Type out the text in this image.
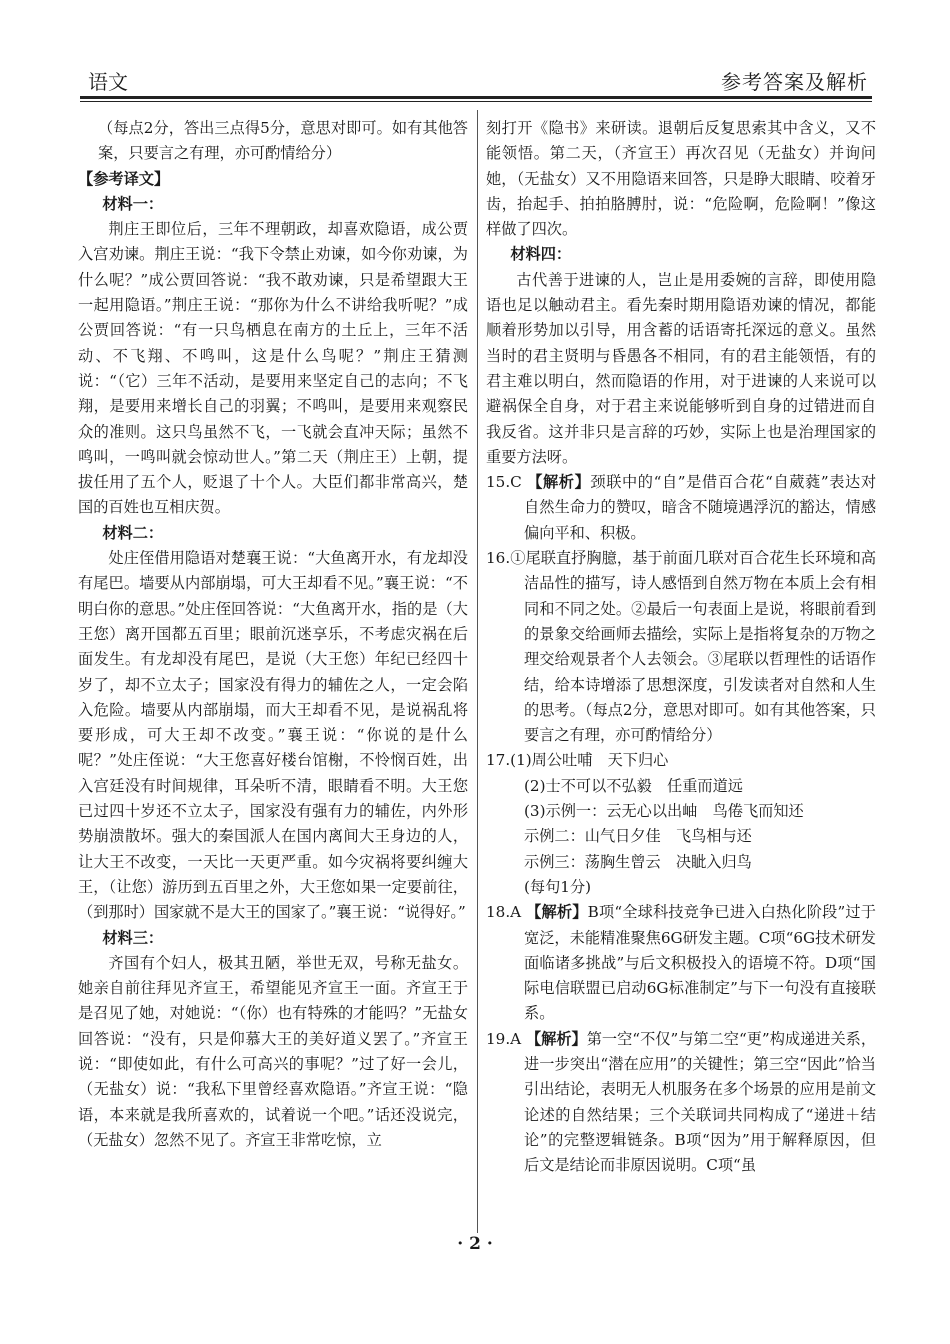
语文	参考答案及解析

（每点2分，答出三点得5分，意思对即可。如有其他答案，只要言之有理，亦可酌情给分）

【参考译文】

材料一：

荆庄王即位后，三年不理朝政，却喜欢隐语，成公贾入宫劝谏。荆庄王说：“我下令禁止劝谏，如今你劝谏，为什么呢？”成公贾回答说：“我不敢劝谏，只是希望跟大王一起用隐语。”荆庄王说：“那你为什么不讲给我听呢？”成公贾回答说：“有一只鸟栖息在南方的土丘上，三年不活动、不飞翔、不鸣叫，这是什么鸟呢？”荆庄王猜测说：“（它）三年不活动，是要用来坚定自己的志向；不飞翔，是要用来增长自己的羽翼；不鸣叫，是要用来观察民众的准则。这只鸟虽然不飞，一飞就会直冲天际；虽然不鸣叫，一鸣叫就会惊动世人。”第二天（荆庄王）上朝，提拔任用了五个人，贬退了十个人。大臣们都非常高兴，楚国的百姓也互相庆贺。

材料二：

处庄侄借用隐语对楚襄王说：“大鱼离开水，有龙却没有尾巴。墙要从内部崩塌，可大王却看不见。”襄王说：“不明白你的意思。”处庄侄回答说：“大鱼离开水，指的是（大王您）离开国都五百里；眼前沉迷享乐，不考虑灾祸在后面发生。有龙却没有尾巴，是说（大王您）年纪已经四十岁了，却不立太子；国家没有得力的辅佐之人，一定会陷入危险。墙要从内部崩塌，而大王却看不见，是说祸乱将要形成，可大王却不改变。”襄王说：“你说的是什么呢？”处庄侄说：“大王您喜好楼台馆榭，不怜悯百姓，出入宫廷没有时间规律，耳朵听不清，眼睛看不明。大王您已过四十岁还不立太子，国家没有强有力的辅佐，内外形势崩溃散坏。强大的秦国派人在国内离间大王身边的人，让大王不改变，一天比一天更严重。如今灾祸将要纠缠大王，（让您）游历到五百里之外，大王您如果一定要前往，（到那时）国家就不是大王的国家了。”襄王说：“说得好。”

材料三：

齐国有个妇人，极其丑陋，举世无双，号称无盐女。她亲自前往拜见齐宣王，希望能见齐宣王一面。齐宣王于是召见了她，对她说：“（你）也有特殊的才能吗？”无盐女回答说：“没有，只是仰慕大王的美好道义罢了。”齐宣王说：“即使如此，有什么可高兴的事呢？”过了好一会儿，（无盐女）说：“我私下里曾经喜欢隐语。”齐宣王说：“隐语，本来就是我所喜欢的，试着说一个吧。”话还没说完，（无盐女）忽然不见了。齐宣王非常吃惊，立

刻打开《隐书》来研读。退朝后反复思索其中含义，又不能领悟。第二天，（齐宣王）再次召见（无盐女）并询问她，（无盐女）又不用隐语来回答，只是睁大眼睛、咬着牙齿，抬起手、拍拍胳膊肘，说：“危险啊，危险啊！”像这样做了四次。

材料四：

古代善于进谏的人，岂止是用委婉的言辞，即使用隐语也足以触动君主。看先秦时期用隐语劝谏的情况，都能顺着形势加以引导，用含蓄的话语寄托深远的意义。虽然当时的君主贤明与昏愚各不相同，有的君主能领悟，有的君主难以明白，然而隐语的作用，对于进谏的人来说可以避祸保全自身，对于君主来说能够听到自身的过错进而自我反省。这并非只是言辞的巧妙，实际上也是治理国家的重要方法呀。

15.C 【解析】颈联中的“自”是借百合花“自葳蕤”表达对自然生命力的赞叹，暗含不随境遇浮沉的豁达，情感偏向平和、积极。

16.①尾联直抒胸臆，基于前面几联对百合花生长环境和高洁品性的描写，诗人感悟到自然万物在本质上会有相同和不同之处。②最后一句表面上是说，将眼前看到的景象交给画师去描绘，实际上是指将复杂的万物之理交给观景者个人去领会。③尾联以哲理性的话语作结，给本诗增添了思想深度，引发读者对自然和人生的思考。（每点2分，意思对即可。如有其他答案，只要言之有理，亦可酌情给分）

17.(1)周公吐哺　天下归心
(2)士不可以不弘毅　任重而道远
(3)示例一：云无心以出岫　鸟倦飞而知还
示例二：山气日夕佳　飞鸟相与还
示例三：荡胸生曾云　决眦入归鸟
(每句1分)

18.A 【解析】B项“全球科技竞争已进入白热化阶段”过于宽泛，未能精准聚焦6G研发主题。C项“6G技术研发面临诸多挑战”与后文积极投入的语境不符。D项“国际电信联盟已启动6G标准制定”与下一句没有直接联系。

19.A 【解析】第一空“不仅”与第二空“更”构成递进关系，进一步突出“潜在应用”的关键性；第三空“因此”恰当引出结论，表明无人机服务在多个场景的应用是前文论述的自然结果；三个关联词共同构成了“递进＋结论”的完整逻辑链条。B项“因为”用于解释原因，但后文是结论而非原因说明。C项“虽

· 2 ·
